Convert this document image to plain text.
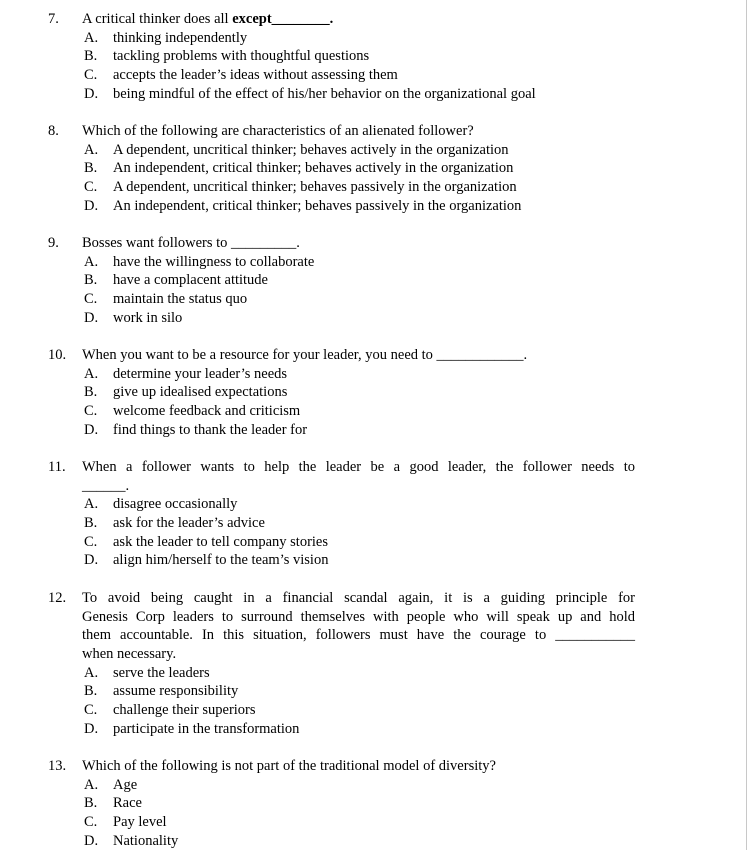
7. A critical thinker does all except________.
A. thinking independently
B. tackling problems with thoughtful questions
C. accepts the leader’s ideas without assessing them
D. being mindful of the effect of his/her behavior on the organizational goal
8. Which of the following are characteristics of an alienated follower?
A. A dependent, uncritical thinker; behaves actively in the organization
B. An independent, critical thinker; behaves actively in the organization
C. A dependent, uncritical thinker; behaves passively in the organization
D. An independent, critical thinker; behaves passively in the organization
9. Bosses want followers to _________.
A. have the willingness to collaborate
B. have a complacent attitude
C. maintain the status quo
D. work in silo
10. When you want to be a resource for your leader, you need to ____________.
A. determine your leader’s needs
B. give up idealised expectations
C. welcome feedback and criticism
D. find things to thank the leader for
11. When a follower wants to help the leader be a good leader, the follower needs to
______.
A. disagree occasionally
B. ask for the leader’s advice
C. ask the leader to tell company stories
D. align him/herself to the team’s vision
12. To avoid being caught in a financial scandal again, it is a guiding principle for
Genesis Corp leaders to surround themselves with people who will speak up and hold
them accountable. In this situation, followers must have the courage to ___________
when necessary.
A. serve the leaders
B. assume responsibility
C. challenge their superiors
D. participate in the transformation
13. Which of the following is not part of the traditional model of diversity?
A. Age
B. Race
C. Pay level
D. Nationality
